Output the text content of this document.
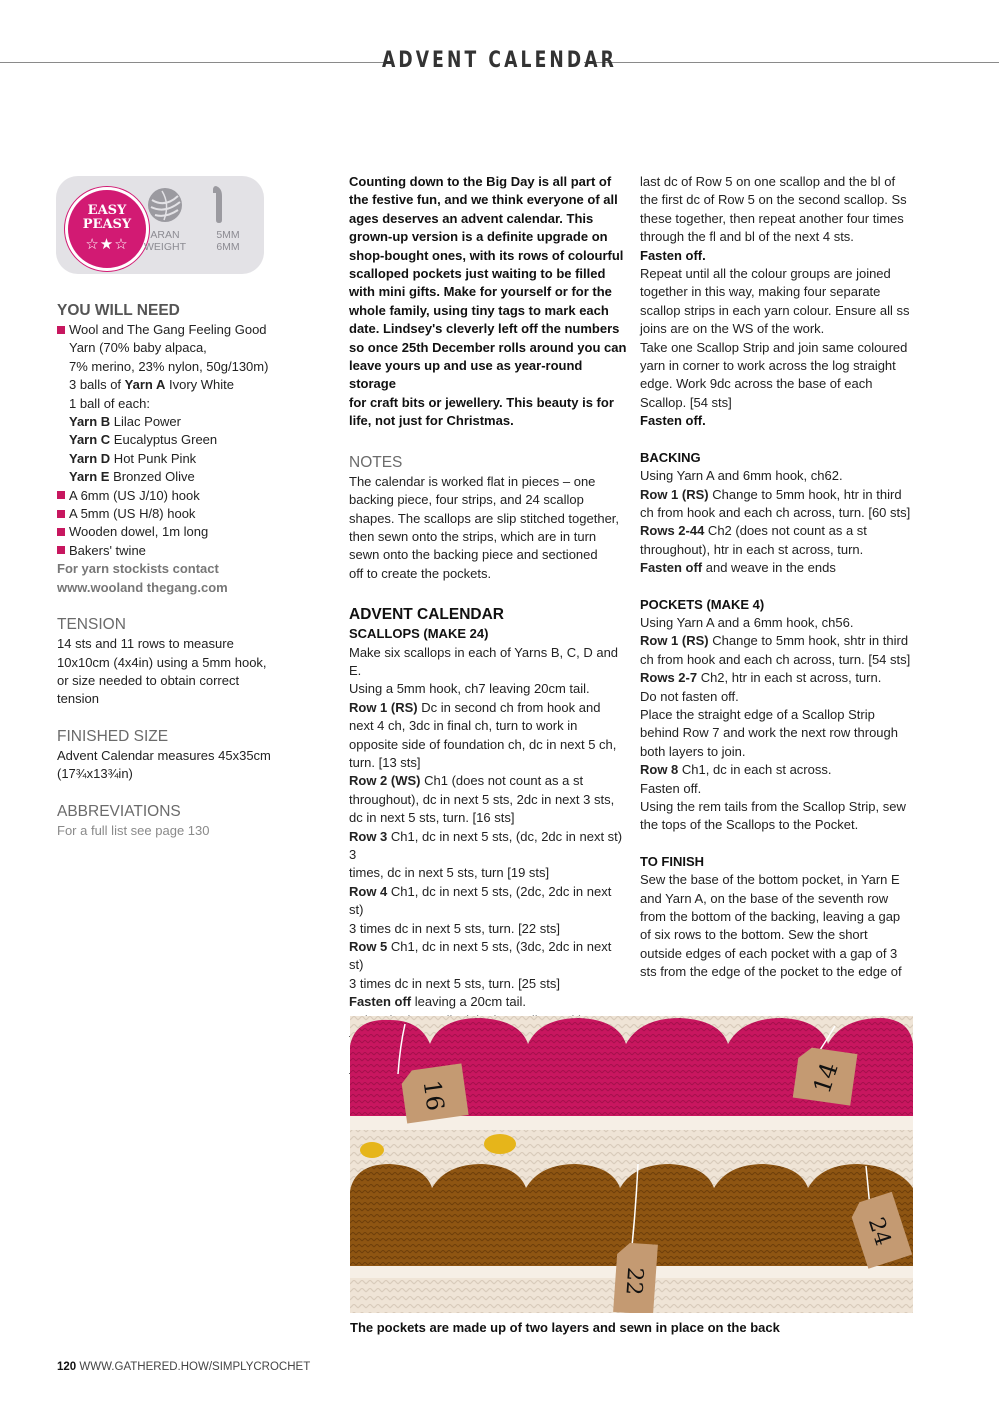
ADVENT CALENDAR
EASY
PEASY
☆★☆	ARAN
WEIGHT
5MM
6MM

YOU WILL NEED

Wool and The Gang Feeling Good

Yarn (70% baby alpaca,

7% merino, 23% nylon, 50g/130m)

3 balls of Yarn A Ivory White

1 ball of each:

Yarn B Lilac Power

Yarn C Eucalyptus Green

Yarn D Hot Punk Pink

Yarn E Bronzed Olive

A 6mm (US J/10) hook

A 5mm (US H/8) hook

Wooden dowel, 1m long

Bakers' twine

For yarn stockists contact

www.wooland thegang.com

TENSION

14 sts and 11 rows to measure

10x10cm (4x4in) using a 5mm hook,

or size needed to obtain correct

tension

FINISHED SIZE

Advent Calendar measures 45x35cm

(17¾x13¾in)

ABBREVIATIONS

For a full list see page 130

Counting down to the Big Day is all part of

the festive fun, and we think everyone of all

ages deserves an advent calendar. This

grown-up version is a definite upgrade on

shop-bought ones, with its rows of colourful

scalloped pockets just waiting to be filled

with mini gifts. Make for yourself or for the

whole family, using tiny tags to mark each

date. Lindsey's cleverly left off the numbers

so once 25th December rolls around you can

leave yours up and use as year-round storage

for craft bits or jewellery. This beauty is for

life, not just for Christmas.

NOTES

The calendar is worked flat in pieces – one

backing piece, four strips, and 24 scallop

shapes. The scallops are slip stitched together,

then sewn onto the strips, which are in turn

sewn onto the backing piece and sectioned

off to create the pockets.

ADVENT CALENDAR

SCALLOPS (MAKE 24)

Make six scallops in each of Yarns B, C, D and E.

Using a 5mm hook, ch7 leaving 20cm tail.

Row 1 (RS) Dc in second ch from hook and

next 4 ch, 3dc in final ch, turn to work in

opposite side of foundation ch, dc in next 5 ch,

turn. [13 sts]

Row 2 (WS) Ch1 (does not count as a st

throughout), dc in next 5 sts, 2dc in next 3 sts,

dc in next 5 sts, turn. [16 sts]

Row 3 Ch1, dc in next 5 sts, (dc, 2dc in next st) 3

times, dc in next 5 sts, turn [19 sts]

Row 4 Ch1, dc in next 5 sts, (2dc, 2dc in next st)

3 times dc in next 5 sts, turn. [22 sts]

Row 5 Ch1, dc in next 5 sts, (3dc, 2dc in next st)

3 times dc in next 5 sts, turn. [25 sts]

Fasten off leaving a 20cm tail.

last dc of Row 5 on one scallop and the bl of

the first dc of Row 5 on the second scallop. Ss

these together, then repeat another four times

through the fl and bl of the next 4 sts.

Fasten off.

Repeat until all the colour groups are joined

together in this way, making four separate

scallop strips in each yarn colour. Ensure all ss

joins are on the WS of the work.

Take one Scallop Strip and join same coloured

yarn in corner to work across the log straight

edge. Work 9dc across the base of each

Scallop. [54 sts]

Fasten off.

BACKING

Using Yarn A and 6mm hook, ch62.

Row 1 (RS) Change to 5mm hook, htr in third

ch from hook and each ch across, turn. [60 sts]

Rows 2-44 Ch2 (does not count as a st

throughout), htr in each st across, turn.

Fasten off and weave in the ends

POCKETS (MAKE 4)

Using Yarn A and a 6mm hook, ch56.

Row 1 (RS) Change to 5mm hook, shtr in third

ch from hook and each ch across, turn. [54 sts]

Rows 2-7 Ch2, htr in each st across, turn.

Do not fasten off.

Place the straight edge of a Scallop Strip

behind Row 7 and work the next row through

both layers to join.

Row 8 Ch1, dc in each st across.

Fasten off.

Using the rem tails from the Scallop Strip, sew

the tops of the Scallops to the Pocket.

TO FINISH

Sew the base of the bottom pocket, in Yarn E

and Yarn A, on the base of the seventh row

from the bottom of the backing, leaving a gap

of six rows to the bottom. Sew the short

outside edges of each pocket with a gap of 3

sts from the edge of the pocket to the edge of

16	14
22
24
The pockets are made up of two layers and sewn in place on the back
120 WWW.GATHERED.HOW/SIMPLYCROCHET
